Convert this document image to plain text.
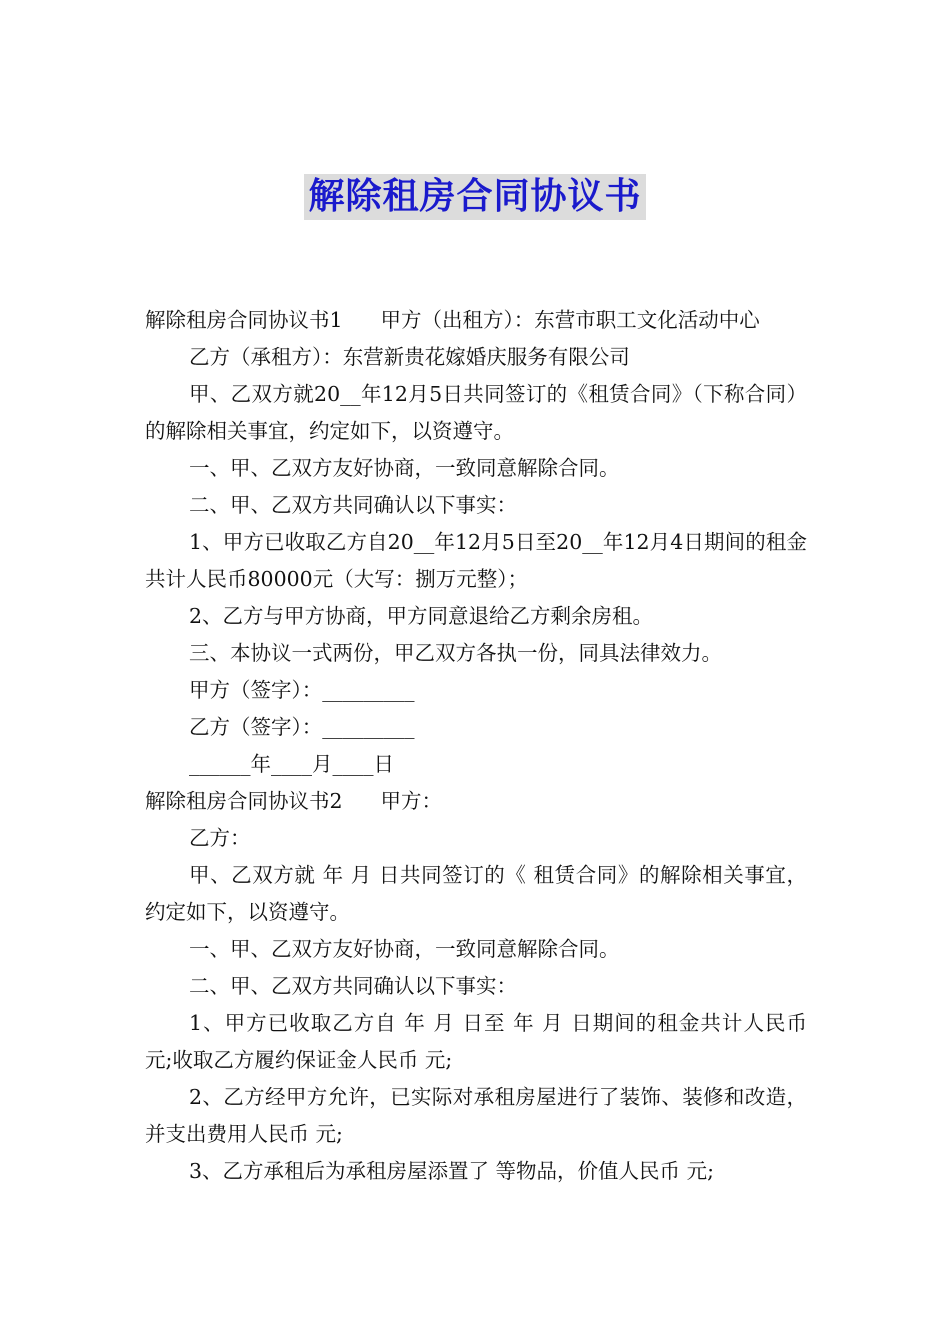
解除租房合同协议书

解除租房合同协议书1 甲方（出租方）：东营市职工文化活动中心

乙方（承租方）：东营新贵花嫁婚庆服务有限公司

甲、乙双方就20__年12月5日共同签订的《租赁合同》（下称合同）的解除相关事宜，约定如下，以资遵守。

一、甲、乙双方友好协商，一致同意解除合同。

二、甲、乙双方共同确认以下事实：

1、甲方已收取乙方自20__年12月5日至20__年12月4日期间的租金共计人民币80000元（大写：捌万元整）；

2、乙方与甲方协商，甲方同意退给乙方剩余房租。

三、本协议一式两份，甲乙双方各执一份，同具法律效力。

甲方（签字）：_________

乙方（签字）：_________

______年____月____日

解除租房合同协议书2 甲方：

乙方：

甲、乙双方就 年 月 日共同签订的《 租赁合同》的解除相关事宜，约定如下，以资遵守。

一、甲、乙双方友好协商，一致同意解除合同。

二、甲、乙双方共同确认以下事实：

1、甲方已收取乙方自 年 月 日至 年 月 日期间的租金共计人民币 元;收取乙方履约保证金人民币 元;

2、乙方经甲方允许，已实际对承租房屋进行了装饰、装修和改造，并支出费用人民币 元;

3、乙方承租后为承租房屋添置了 等物品，价值人民币 元;
